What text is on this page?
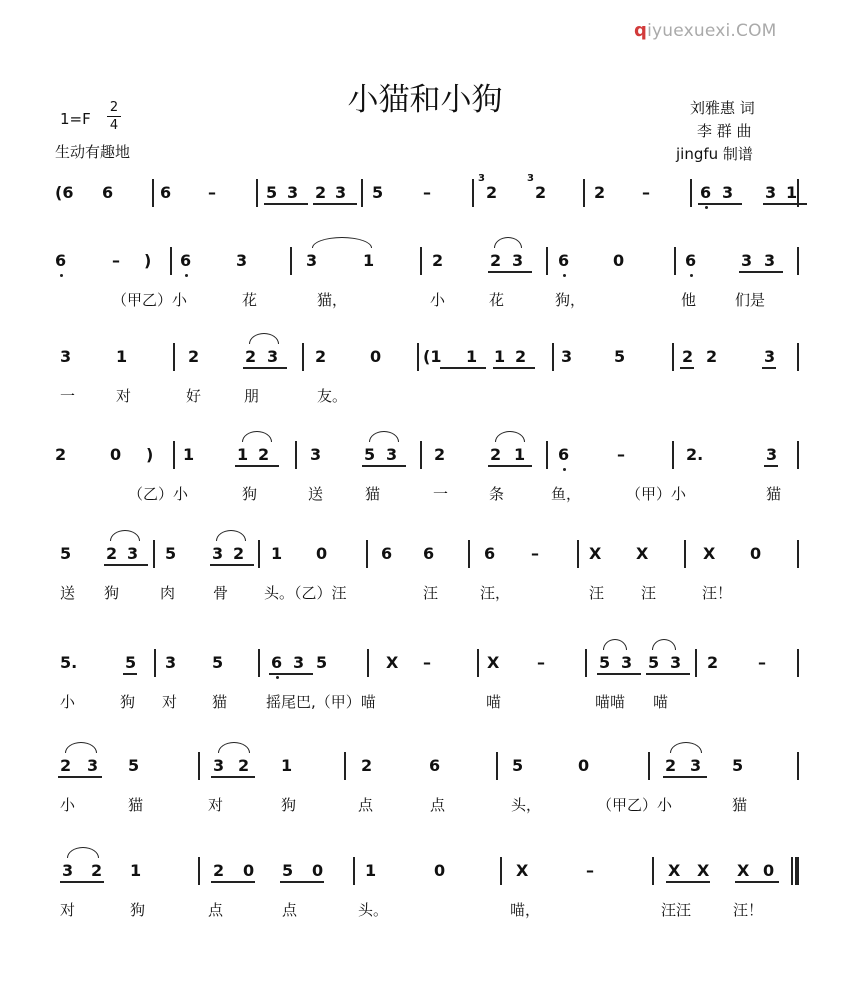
qiyuexuexi.COM
小猫和小狗
1=F
2
4
生动有趣地
刘雅惠 词
李 群 曲
jingfu 制谱
(6 6	6 –	5 3 2 3 5 –	2 2	2 –	6 3 3 1
3	3
6	– ) 6	3	3	1	2	2 3 6	0	6	3 3
（甲乙）小	花	猫，	小	花	狗，	他	们是
3	1	2	2 3 2	0	(1 1 1 2 3	5	2 2	3
一	对	好	朋	友。
2	0 ) 1	1 2	3	5 3 2	2 1 6	–	2.	3
（乙）小	狗	送	猫	一	条	鱼，	（甲）小	猫
5 2 3 5 3 2 1 0	6 6	6 –	X X	X 0
送 狗	肉	骨 头。（乙）汪	汪	汪，	汪 汪	汪！
5.	5 3 5	6 3 5	X –	X –	5 3 5 3 2 –
小	狗 对 猫	摇尾巴,（甲）喵	喵	喵喵 喵
2 3 5	3 2 1	2	6	5	0	2 3 5
小	猫	对	狗	点	点	头，	（甲乙）小	猫
3 2 1	2 0 5 0	1	0	X	–	X X X 0
对	狗	点	点	头。	喵，	汪汪	汪！
